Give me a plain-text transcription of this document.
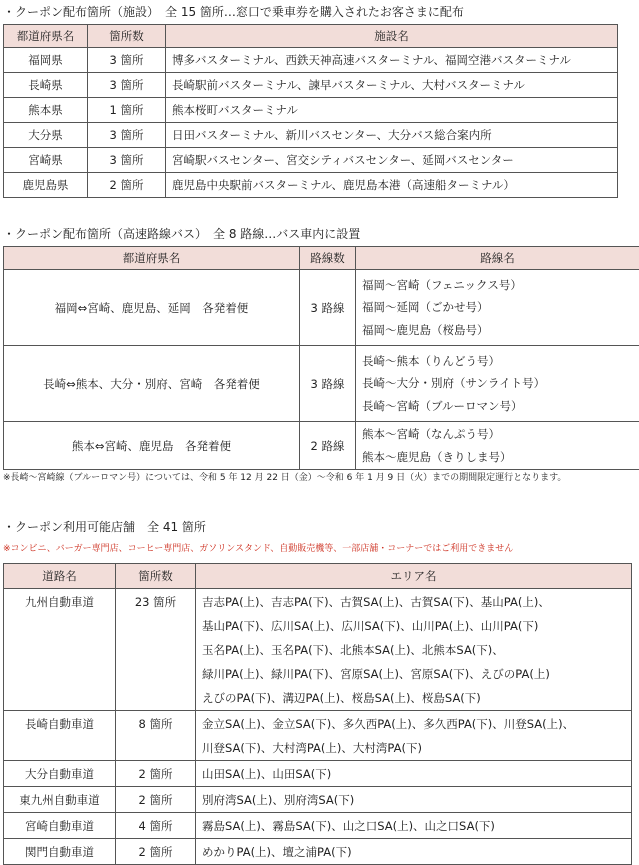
・クーポン配布箇所（施設）　全 15 箇所…窓口で乗車券を購入されたお客さまに配布
都道府県名	箇所数	施設名
福岡県	3 箇所	博多バスターミナル、西鉄天神高速バスターミナル、福岡空港バスターミナル
長崎県	3 箇所	長崎駅前バスターミナル、諫早バスターミナル、大村バスターミナル
熊本県	1 箇所	熊本桜町バスターミナル
大分県	3 箇所	日田バスターミナル、新川バスセンター、大分バス総合案内所
宮崎県	3 箇所	宮崎駅バスセンター、宮交シティバスセンター、延岡バスセンター
鹿児島県	2 箇所	鹿児島中央駅前バスターミナル、鹿児島本港（高速船ターミナル）
・クーポン配布箇所（高速路線バス）　全 8 路線…バス車内に設置
都道府県名	路線数	路線名
福岡⇔宮崎、鹿児島、延岡　各発着便	3 路線	福岡～宮崎（フェニックス号）
福岡～延岡（ごかせ号）
福岡～鹿児島（桜島号）

長崎⇔熊本、大分・別府、宮崎　各発着便	3 路線	長崎～熊本（りんどう号）
長崎～大分・別府（サンライト号）
長崎～宮崎（ブルーロマン号）

熊本⇔宮崎、鹿児島　各発着便	2 路線	熊本～宮崎（なんぷう号）
熊本～鹿児島（きりしま号）
※長崎～宮崎線（ブルーロマン号）については、令和 5 年 12 月 22 日（金）～令和 6 年 1 月 9 日（火）までの期間限定運行となります。
・クーポン利用可能店舗　全 41 箇所
※コンビニ、バーガー専門店、コーヒー専門店、ガソリンスタンド、自動販売機等、一部店舗・コーナーではご利用できません
道路名	箇所数	エリア名
九州自動車道	23 箇所	吉志PA(上)、吉志PA(下)、古賀SA(上)、古賀SA(下)、基山PA(上)、
基山PA(下)、広川SA(上)、広川SA(下)、山川PA(上)、山川PA(下)
玉名PA(上)、玉名PA(下)、北熊本SA(上)、北熊本SA(下)、
緑川PA(上)、緑川PA(下)、宮原SA(上)、宮原SA(下)、えびのPA(上)
えびのPA(下)、溝辺PA(上)、桜島SA(上)、桜島SA(下)

長崎自動車道	8 箇所	金立SA(上)、金立SA(下)、多久西PA(上)、多久西PA(下)、川登SA(上)、
川登SA(下)、大村湾PA(上)、大村湾PA(下)

大分自動車道	2 箇所	山田SA(上)、山田SA(下)
東九州自動車道	2 箇所	別府湾SA(上)、別府湾SA(下)
宮崎自動車道	4 箇所	霧島SA(上)、霧島SA(下)、山之口SA(上)、山之口SA(下)
関門自動車道	2 箇所	めかりPA(上)、壇之浦PA(下)
